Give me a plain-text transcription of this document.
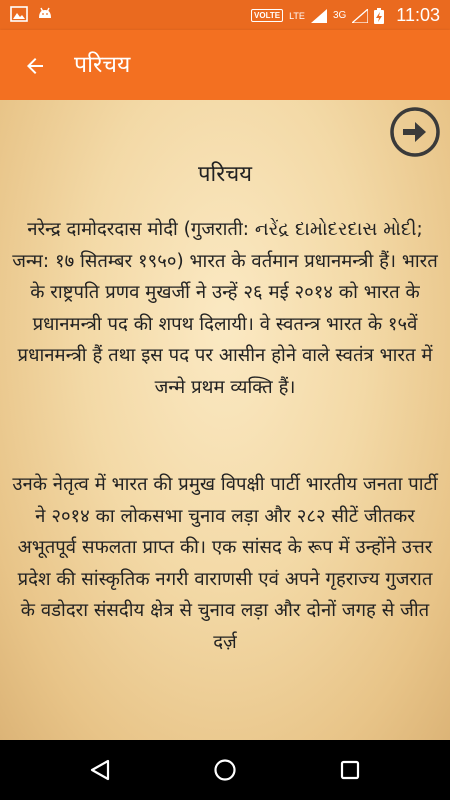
VOLTE	LTE	3G	11:03
परिचय
परिचय

नरेन्द्र दामोदरदास मोदी (गुजराती: નરેંદ્ર દામોદરદાસ મોદી; जन्म: १७ सितम्बर १९५०) भारत के वर्तमान प्रधानमन्त्री हैं। भारत के राष्ट्रपति प्रणव मुखर्जी ने उन्हें २६ मई २०१४ को भारत के प्रधानमन्त्री पद की शपथ दिलायी। वे स्वतन्त्र भारत के १५वें प्रधानमन्त्री हैं तथा इस पद पर आसीन होने वाले स्वतंत्र भारत में जन्मे प्रथम व्यक्ति हैं।

उनके नेतृत्व में भारत की प्रमुख विपक्षी पार्टी भारतीय जनता पार्टी ने २०१४ का लोकसभा चुनाव लड़ा और २८२ सीटें जीतकर अभूतपूर्व सफलता प्राप्त की। एक सांसद के रूप में उन्होंने उत्तर प्रदेश की सांस्कृतिक नगरी वाराणसी एवं अपने गृहराज्य गुजरात के वडोदरा संसदीय क्षेत्र से चुनाव लड़ा और दोनों जगह से जीत दर्ज़
